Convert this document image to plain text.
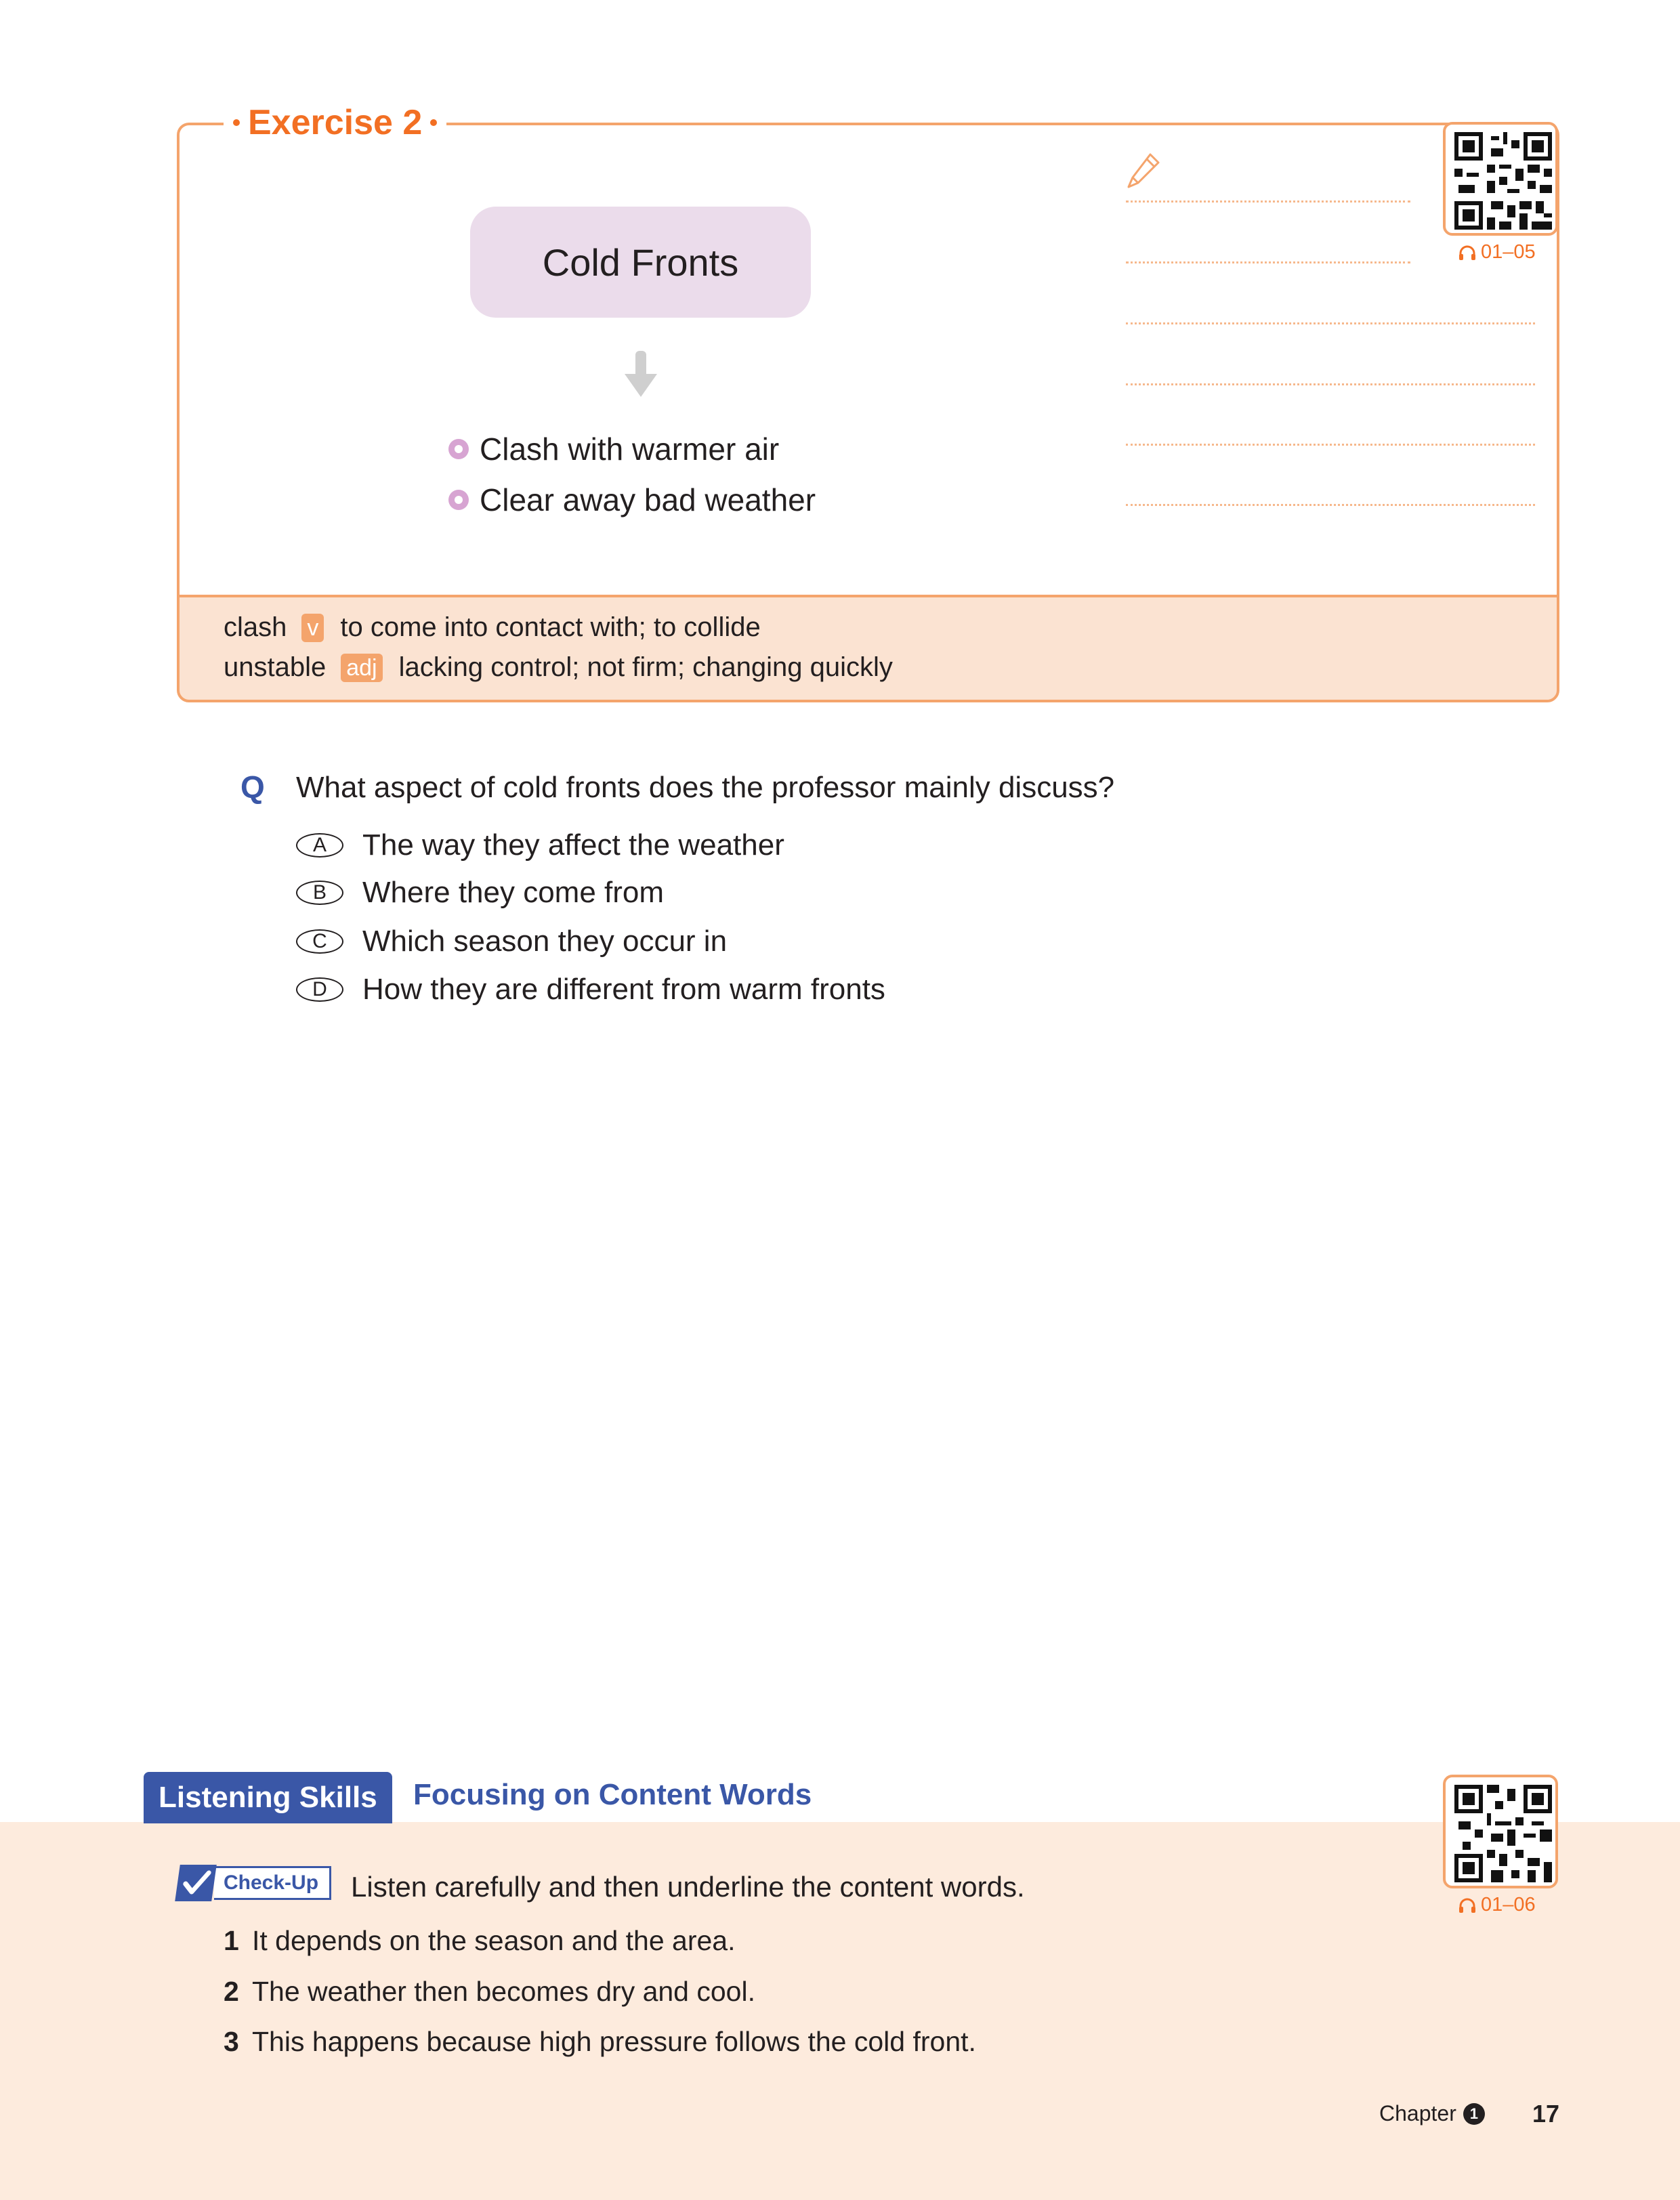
Exercise 2
Cold Fronts
Clash with warmer air
Clear away bad weather
01–05
clash v to come into contact with; to collide
unstable adj lacking control; not firm; changing quickly
Q What aspect of cold fronts does the professor mainly discuss?
A	The way they affect the weather
B	Where they come from
C	Which season they occur in
D	How they are different from warm fronts
Listening Skills	Focusing on Content Words
01–06
Check-Up	Listen carefully and then underline the content words.
1 It depends on the season and the area.
2 The weather then becomes dry and cool.
3 This happens because high pressure follows the cold front.
Chapter 1 17
